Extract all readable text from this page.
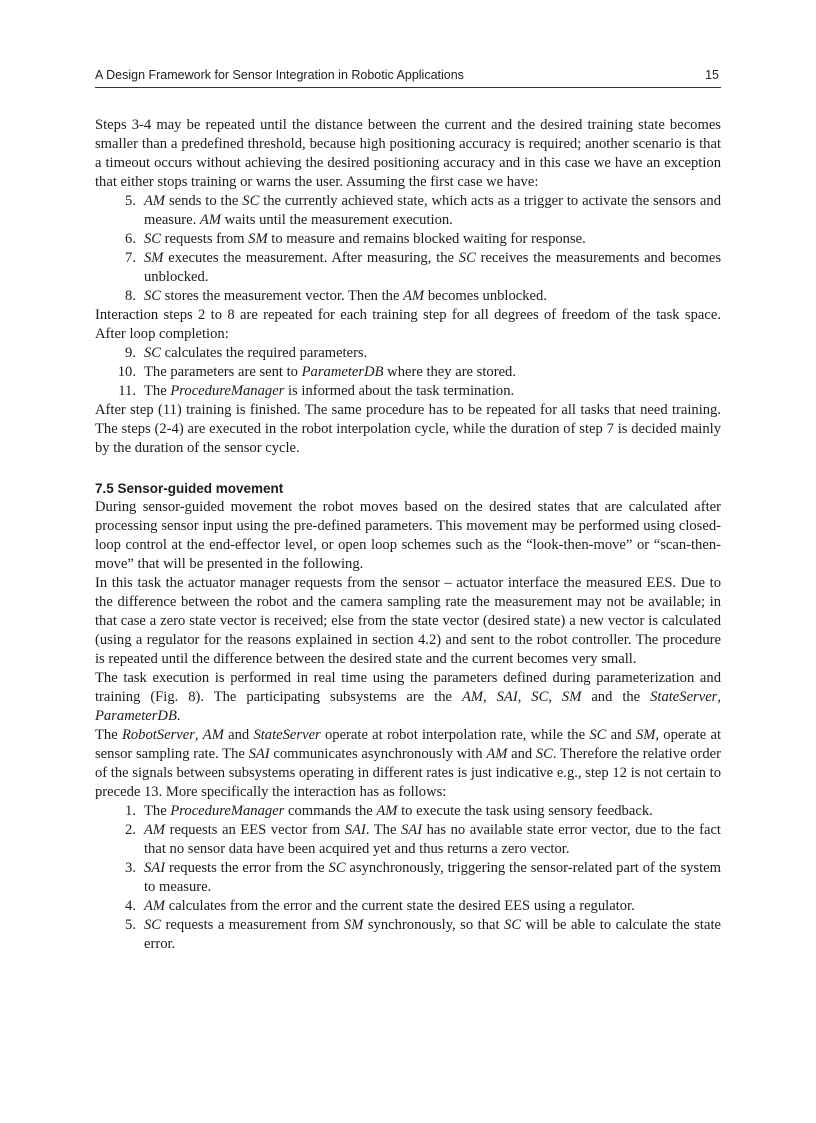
A Design Framework for Sensor Integration in Robotic Applications	15

Steps 3-4 may be repeated until the distance between the current and the desired training state becomes smaller than a predefined threshold, because high positioning accuracy is required; another scenario is that a timeout occurs without achieving the desired positioning accuracy and in this case we have an exception that either stops training or warns the user. Assuming the first case we have:

5. AM sends to the SC the currently achieved state, which acts as a trigger to activate the sensors and measure. AM waits until the measurement execution.
6. SC requests from SM to measure and remains blocked waiting for response.
7. SM executes the measurement. After measuring, the SC receives the measurements and becomes unblocked.
8. SC stores the measurement vector. Then the AM becomes unblocked.

Interaction steps 2 to 8 are repeated for each training step for all degrees of freedom of the task space. After loop completion:

9. SC calculates the required parameters.
10. The parameters are sent to ParameterDB where they are stored.
11. The ProcedureManager is informed about the task termination.

After step (11) training is finished. The same procedure has to be repeated for all tasks that need training. The steps (2-4) are executed in the robot interpolation cycle, while the duration of step 7 is decided mainly by the duration of the sensor cycle.

7.5 Sensor-guided movement

During sensor-guided movement the robot moves based on the desired states that are calculated after processing sensor input using the pre-defined parameters. This movement may be performed using closed-loop control at the end-effector level, or open loop schemes such as the “look-then-move” or “scan-then-move” that will be presented in the following.

In this task the actuator manager requests from the sensor – actuator interface the measured EES. Due to the difference between the robot and the camera sampling rate the measurement may not be available; in that case a zero state vector is received; else from the state vector (desired state) a new vector is calculated (using a regulator for the reasons explained in section 4.2) and sent to the robot controller. The procedure is repeated until the difference between the desired state and the current becomes very small.

The task execution is performed in real time using the parameters defined during parameterization and training (Fig. 8). The participating subsystems are the AM, SAI, SC, SM and the StateServer, ParameterDB.

The RobotServer, AM and StateServer operate at robot interpolation rate, while the SC and SM, operate at sensor sampling rate. The SAI communicates asynchronously with AM and SC. Therefore the relative order of the signals between subsystems operating in different rates is just indicative e.g., step 12 is not certain to precede 13. More specifically the interaction has as follows:

1. The ProcedureManager commands the AM to execute the task using sensory feedback.
2. AM requests an EES vector from SAI. The SAI has no available state error vector, due to the fact that no sensor data have been acquired yet and thus returns a zero vector.
3. SAI requests the error from the SC asynchronously, triggering the sensor-related part of the system to measure.
4. AM calculates from the error and the current state the desired EES using a regulator.
5. SC requests a measurement from SM synchronously, so that SC will be able to calculate the state error.
